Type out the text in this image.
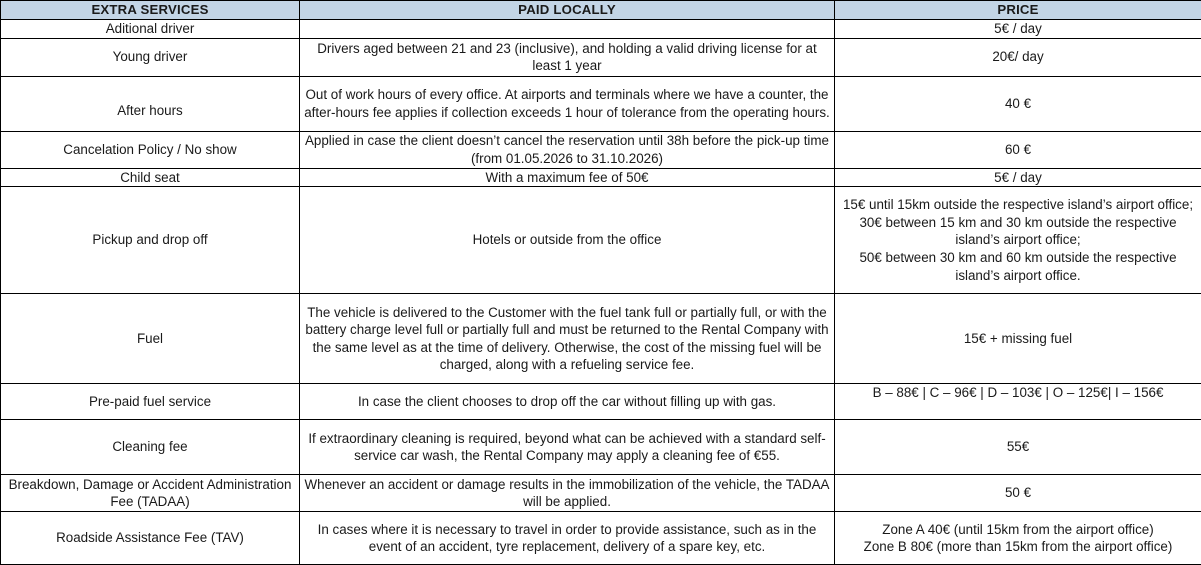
EXTRA SERVICES	PAID LOCALLY	PRICE
Aditional driver		5€ / day
Young driver	Drivers aged between 21 and 23 (inclusive), and holding a valid driving license for at least 1 year	20€/ day
After hours	Out of work hours of every office. At airports and terminals where we have a counter, the after-hours fee applies if collection exceeds 1 hour of tolerance from the operating hours.	40 €
Cancelation Policy / No show	Applied in case the client doesn’t cancel the reservation until 38h before the pick-up time (from 01.05.2026 to 31.10.2026)	60 €
Child seat	With a maximum fee of 50€	5€ / day
Pickup and drop off	Hotels or outside from the office	15€ until 15km outside the respective island’s airport office;
30€ between 15 km and 30 km outside the respective island’s airport office;
50€ between 30 km and 60 km outside the respective island’s airport office.

Fuel	The vehicle is delivered to the Customer with the fuel tank full or partially full, or with the battery charge level full or partially full and must be returned to the Rental Company with the same level as at the time of delivery. Otherwise, the cost of the missing fuel will be charged, along with a refueling service fee.	15€ + missing fuel
Pre-paid fuel service	In case the client chooses to drop off the car without filling up with gas.	B – 88€ | C – 96€ | D – 103€ | O – 125€| I – 156€
Cleaning fee	If extraordinary cleaning is required, beyond what can be achieved with a standard self-service car wash, the Rental Company may apply a cleaning fee of €55.	55€
Breakdown, Damage or Accident Administration Fee (TADAA)	Whenever an accident or damage results in the immobilization of the vehicle, the TADAA will be applied.	50 €
Roadside Assistance Fee (TAV)	In cases where it is necessary to travel in order to provide assistance, such as in the event of an accident, tyre replacement, delivery of a spare key, etc.	Zone A 40€ (until 15km from the airport office)
Zone B 80€ (more than 15km from the airport office)
